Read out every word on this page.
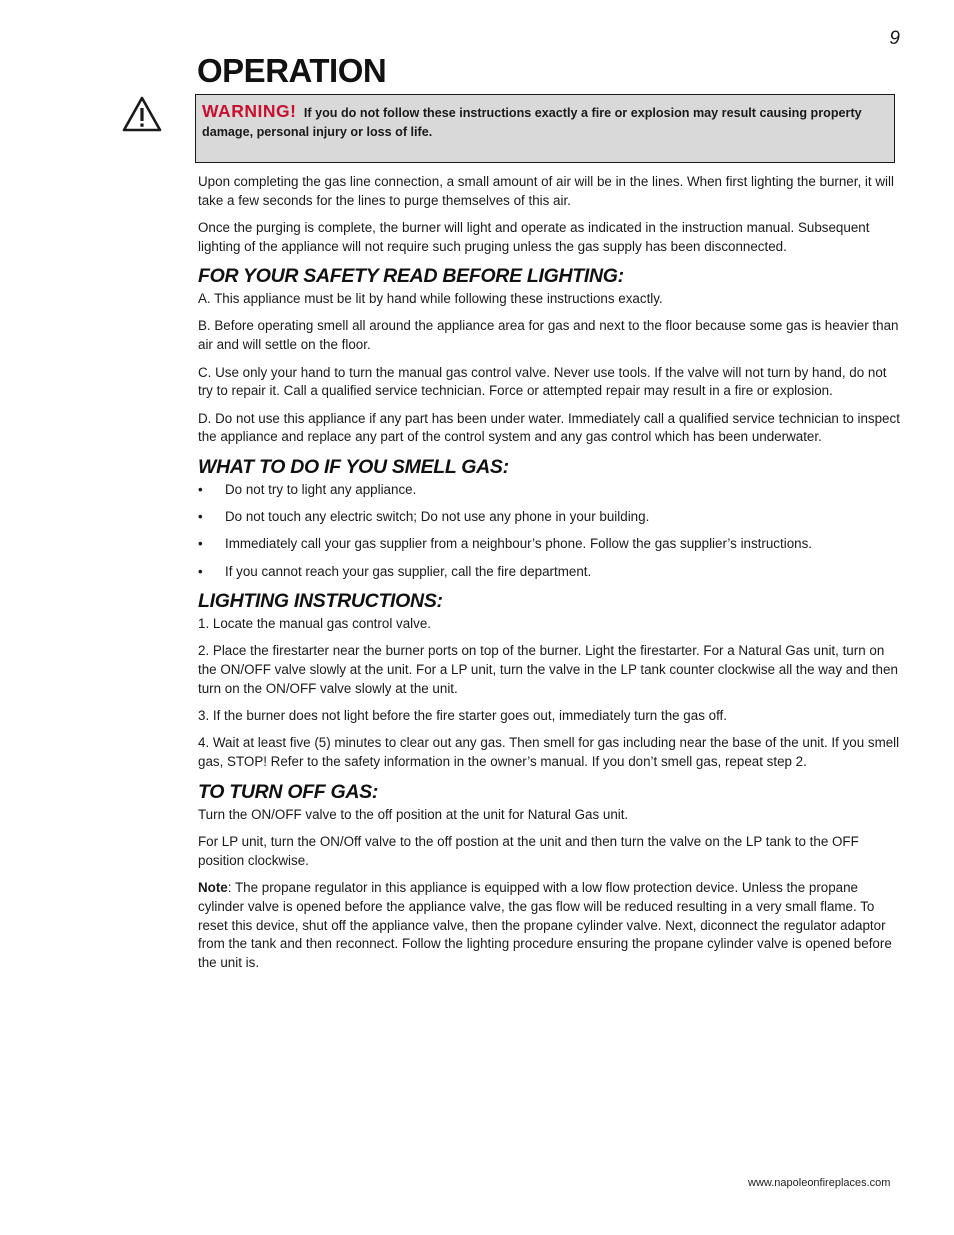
9
OPERATION
WARNING! If you do not follow these instructions exactly a fire or explosion may result causing property damage, personal injury or loss of life.

Upon completing the gas line connection, a small amount of air will be in the lines. When first lighting the burner, it will take a few seconds for the lines to purge themselves of this air.

Once the purging is complete, the burner will light and operate as indicated in the instruction manual. Subsequent lighting of the appliance will not require such pruging unless the gas supply has been disconnected.

FOR YOUR SAFETY READ BEFORE LIGHTING:

A. This appliance must be lit by hand while following these instructions exactly.

B. Before operating smell all around the appliance area for gas and next to the floor because some gas is heavier than air and will settle on the floor.

C. Use only your hand to turn the manual gas control valve. Never use tools. If the valve will not turn by hand, do not try to repair it. Call a qualified service technician. Force or attempted repair may result in a fire or explosion.

D. Do not use this appliance if any part has been under water. Immediately call a qualified service technician to inspect the appliance and replace any part of the control system and any gas control which has been underwater.

WHAT TO DO IF YOU SMELL GAS:
• Do not try to light any appliance.
• Do not touch any electric switch; Do not use any phone in your building.
• Immediately call your gas supplier from a neighbour’s phone. Follow the gas supplier’s instructions.
• If you cannot reach your gas supplier, call the fire department.
LIGHTING INSTRUCTIONS:

1. Locate the manual gas control valve.

2. Place the firestarter near the burner ports on top of the burner. Light the firestarter. For a Natural Gas unit, turn on the ON/OFF valve slowly at the unit. For a LP unit, turn the valve in the LP tank counter clockwise all the way and then turn on the ON/OFF valve slowly at the unit.

3. If the burner does not light before the fire starter goes out, immediately turn the gas off.

4. Wait at least five (5) minutes to clear out any gas. Then smell for gas including near the base of the unit. If you smell gas, STOP! Refer to the safety information in the owner’s manual. If you don’t smell gas, repeat step 2.

TO TURN OFF GAS:

Turn the ON/OFF valve to the off position at the unit for Natural Gas unit.

For LP unit, turn the ON/Off valve to the off postion at the unit and then turn the valve on the LP tank to the OFF position clockwise.

Note: The propane regulator in this appliance is equipped with a low flow protection device. Unless the propane cylinder valve is opened before the appliance valve, the gas flow will be reduced resulting in a very small flame. To reset this device, shut off the appliance valve, then the propane cylinder valve. Next, diconnect the regulator adaptor from the tank and then reconnect. Follow the lighting procedure ensuring the propane cylinder valve is opened before the unit is.

www.napoleonfireplaces.com
